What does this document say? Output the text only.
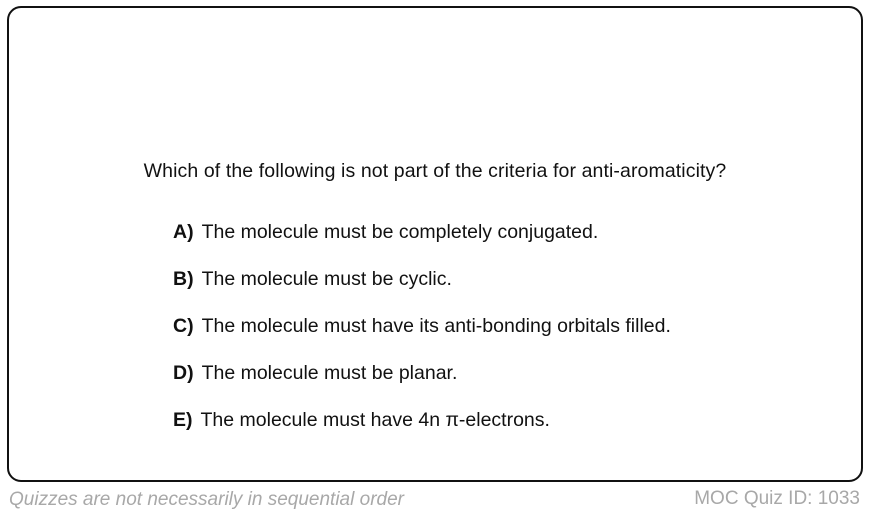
Which of the following is not part of the criteria for anti-aromaticity?
A) The molecule must be completely conjugated.
B) The molecule must be cyclic.
C) The molecule must have its anti-bonding orbitals filled.
D) The molecule must be planar.
E) The molecule must have 4n π-electrons.
Quizzes are not necessarily in sequential order	MOC Quiz ID: 1033
